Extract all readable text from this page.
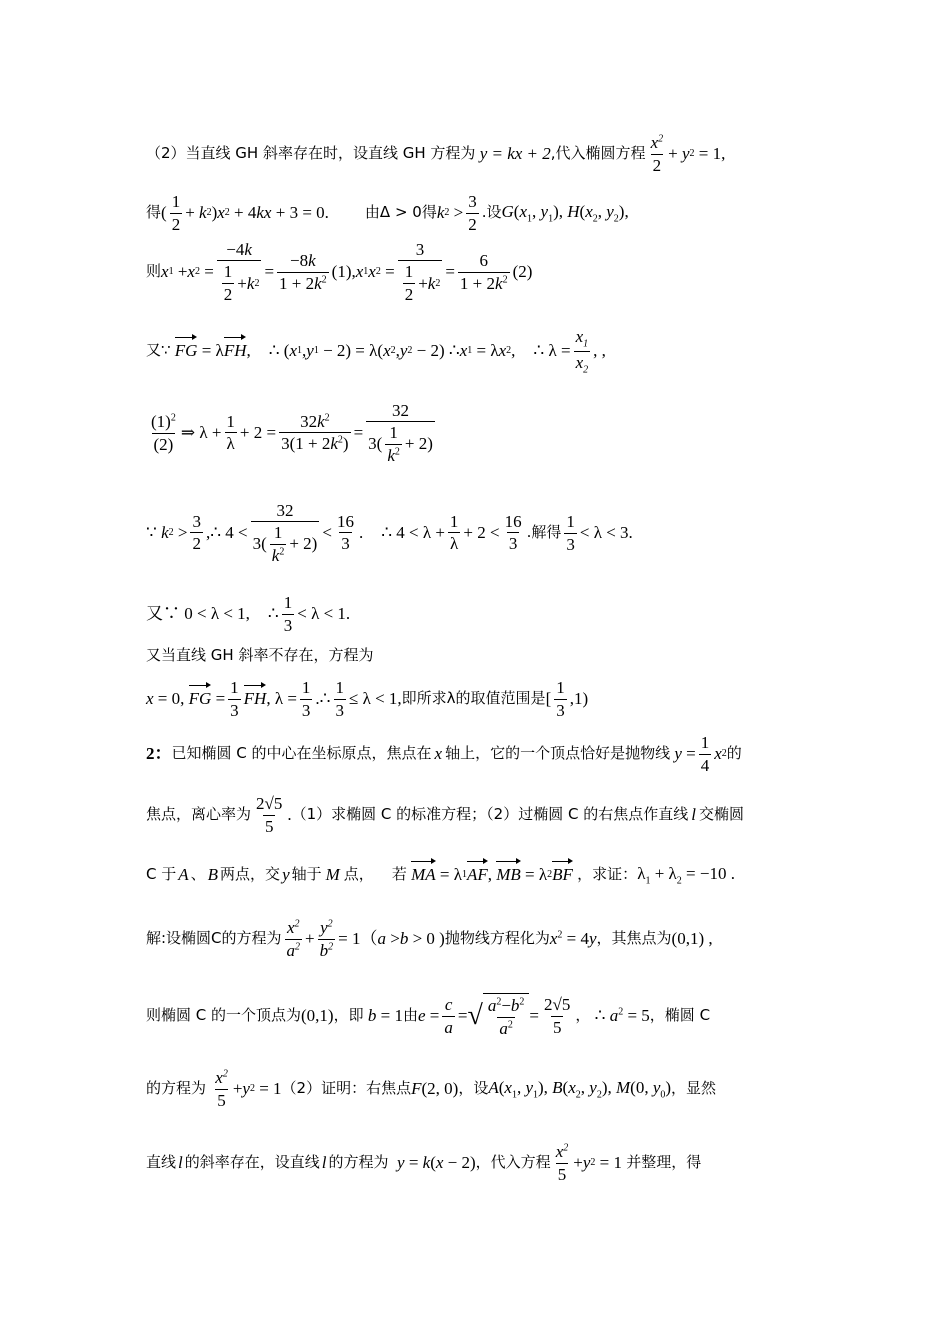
（2）当直线 GH 斜率存在时，设直线 GH 方程为 y = kx + 2 ,代入椭圆方程 $\frac{x^2}{2} + y$ 2 = 1,
得 ( $\frac{1}{2} + k$ 2 ) x 2 + 4 kx + 3 = 0. 由Δ > 0得 k $2 > \frac{3}{2}$ .设 $G(x_1$, $y_1$), $H(x_2$, $y_2$),
则 x 1 + x $2 = \frac{-4k}{\frac{1}{2} + k 2} = \frac{-8k}{1 + 2k^2} (1)$, x 1 x $2 = \frac{3}{\frac{1}{2} + k 2} = \frac{6}{1 + 2k^2} (2)$
又∵
FG = λ FH ,
∴ ( x 1 , y 1 − 2) = λ( x 2 , y 2 − 2) ∴ x 1 = λ x 2 ,	∴ $\lambda = \frac{x_1}{x_2}$ , ,
$\frac{(1)^2}{(2)}$ ⇒ $\lambda + \frac{1}{\lambda} + 2 = \frac{32k^2}{3(1 + 2k^2)} = \frac{32}{3( \frac{1}{k^2} + 2)}$
∵
k $2 > \frac{3}{2}$ ,∴ $4 < \frac{32}{3( \frac{1}{k^2} + 2)} < \frac{16}{3}$ .
∴ $4 < \lambda + \frac{1}{\lambda} + 2 < \frac{16}{3}$ .解得 $\frac{1}{3} < \lambda < 3$.
又∵ 0 < λ < 1, ∴ $\frac{1}{3} < \lambda < 1$.
又当直线 GH 斜率不存在，方程为
x = 0, FG = $\frac{1}{3}$ FH , $\lambda = \frac{1}{3}$ .∴ $\frac{1}{3} \le \lambda < 1$, 即所求λ的取值范围是 [ $\frac{1}{3} ,1$)
2： 已知椭圆 C 的中心在坐标原点，焦点在 x 轴上，它的一个顶点恰好是抛物线
$y = \frac{1}{4}$ x 2 的
焦点，离心率为 $\frac{2√5}{5}$ . （1）求椭圆 C 的标准方程；（2）过椭圆 C 的右焦点作直线 l 交椭圆
C 于 A 、 B 两点，交 y 轴于 M 点， 若
MA = λ 1 AF , MB = λ 2 BF
，求证： $\lambda_1 + \lambda_2 = -10$ .
解:设椭圆C的方程为 $\frac{x^2}{a^2} + \frac{y^2}{b^2} = 1$（ a > b > 0 ) 抛物线方程化为 $x^2 = 4y$ ，其焦点为 (0,1) ,
则椭圆 C 的一个顶点为 (0,1) ，即 b = 1 由 $e = \frac{c}{a}$ = √ $\frac{a^2-b^2}{a^2} = \frac{2√5}{5}$ ， ∴ $a^2 = 5$ ，椭圆 C
的方程为
$\frac{x^2}{5} + y$ 2 = 1 （2）证明：右焦点 F(2, 0) ，设 $A(x_1$, $y_1$), $B(x_2$, $y_2$), M(0, $y_0$) ，显然
直线 l 的斜率存在，设直线 l 的方程为 y = k(x − 2) ，代入方程 $\frac{x^2}{5} + y$ 2 = 1 并整理，得
